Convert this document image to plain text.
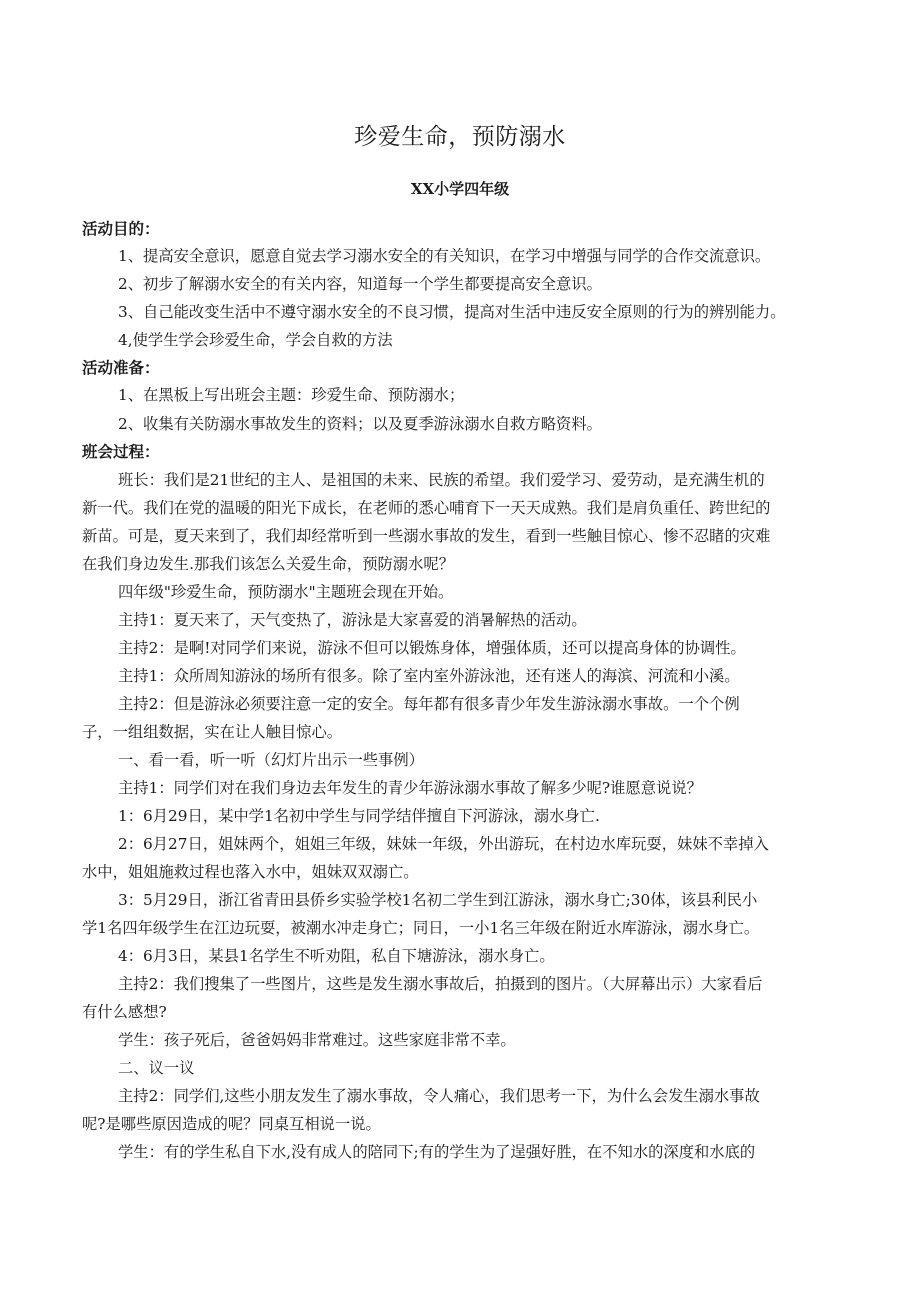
珍爱生命，预防溺水
XX小学四年级
活动目的：
1、提高安全意识，愿意自觉去学习溺水安全的有关知识，在学习中增强与同学的合作交流意识。
2、初步了解溺水安全的有关内容，知道每一个学生都要提高安全意识。
3、自己能改变生活中不遵守溺水安全的不良习惯，提高对生活中违反安全原则的行为的辨别能力。
4,使学生学会珍爱生命，学会自救的方法
活动准备：
1、在黑板上写出班会主题：珍爱生命、预防溺水；
2、收集有关防溺水事故发生的资料；以及夏季游泳溺水自救方略资料。
班会过程：
班长：我们是21世纪的主人、是祖国的未来、民族的希望。我们爱学习、爱劳动，是充满生机的
新一代。我们在党的温暖的阳光下成长，在老师的悉心哺育下一天天成熟。我们是肩负重任、跨世纪的
新苗。可是，夏天来到了，我们却经常听到一些溺水事故的发生，看到一些触目惊心、惨不忍睹的灾难
在我们身边发生.那我们该怎么关爱生命，预防溺水呢？
四年级"珍爱生命，预防溺水"主题班会现在开始。
主持1：夏天来了，天气变热了，游泳是大家喜爱的消暑解热的活动。
主持2：是啊!对同学们来说，游泳不但可以锻炼身体，增强体质，还可以提高身体的协调性。
主持1：众所周知游泳的场所有很多。除了室内室外游泳池，还有迷人的海滨、河流和小溪。
主持2：但是游泳必须要注意一定的安全。每年都有很多青少年发生游泳溺水事故。一个个例
子，一组组数据，实在让人触目惊心。
一、看一看，听一听（幻灯片出示一些事例）
主持1：同学们对在我们身边去年发生的青少年游泳溺水事故了解多少呢?谁愿意说说？
1：6月29日，某中学1名初中学生与同学结伴擅自下河游泳，溺水身亡.
2：6月27日，姐妹两个，姐姐三年级，妹妹一年级，外出游玩，在村边水库玩耍，妹妹不幸掉入
水中，姐姐施救过程也落入水中，姐妹双双溺亡。
3：5月29日，浙江省青田县侨乡实验学校1名初二学生到江游泳，溺水身亡;30体，该县利民小
学1名四年级学生在江边玩耍，被潮水冲走身亡；同日，一小1名三年级在附近水库游泳，溺水身亡。
4：6月3日，某县1名学生不听劝阻，私自下塘游泳，溺水身亡。
主持2：我们搜集了一些图片，这些是发生溺水事故后，拍摄到的图片。（大屏幕出示）大家看后
有什么感想?
学生：孩子死后，爸爸妈妈非常难过。这些家庭非常不幸。
二、议一议
主持2：同学们,这些小朋友发生了溺水事故，令人痛心，我们思考一下，为什么会发生溺水事故
呢?是哪些原因造成的呢？同桌互相说一说。
学生：有的学生私自下水,没有成人的陪同下;有的学生为了逞强好胜，在不知水的深度和水底的
